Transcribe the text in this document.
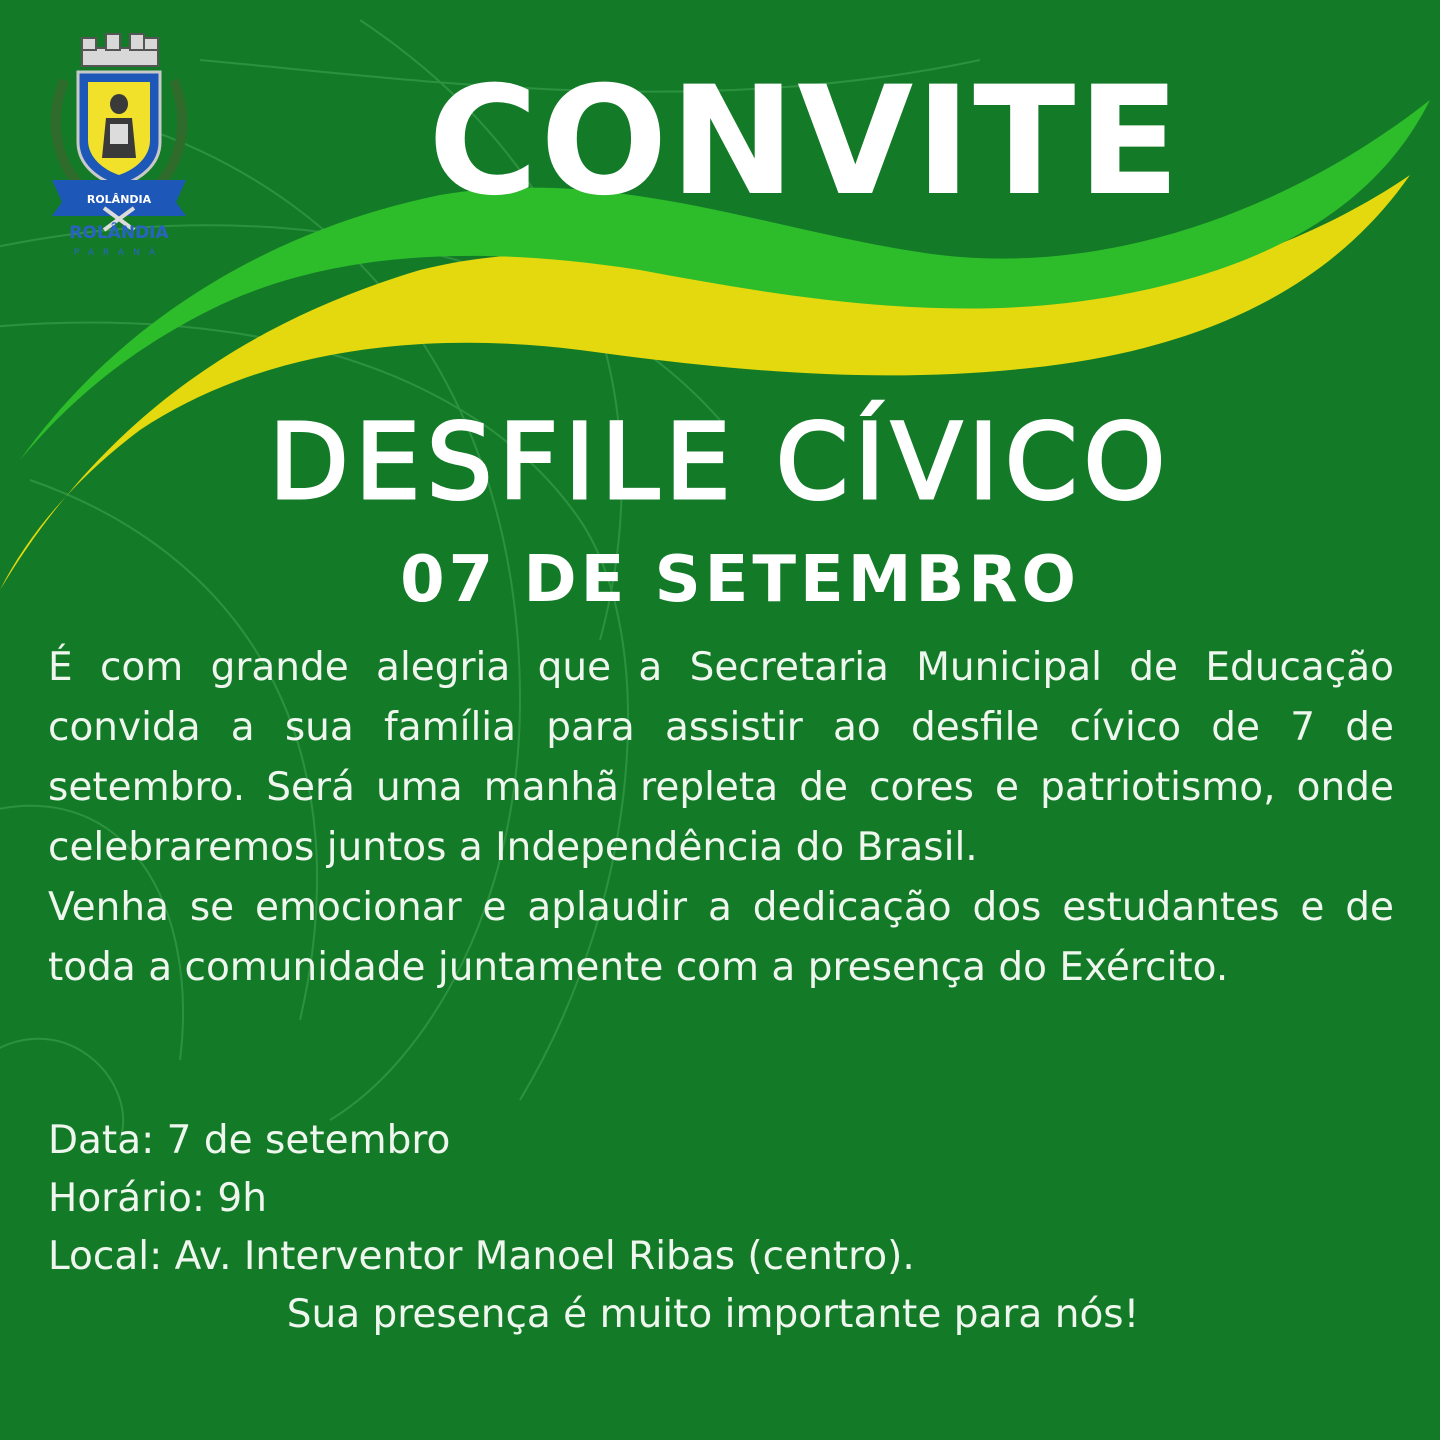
ROLÂNDIA
ROLÂNDIA
PARANÁ
CONVITE
DESFILE CÍVICO
07 DE SETEMBRO

É com grande alegria que a Secretaria Municipal de Educação convida a sua família para assistir ao desfile cívico de 7 de setembro. Será uma manhã repleta de cores e patriotismo, onde celebraremos juntos a Independência do Brasil.

Venha se emocionar e aplaudir a dedicação dos estudantes e de toda a comunidade juntamente com a presença do Exército.

Data: 7 de setembro
Horário: 9h
Local: Av. Interventor Manoel Ribas (centro).
Sua presença é muito importante para nós!
